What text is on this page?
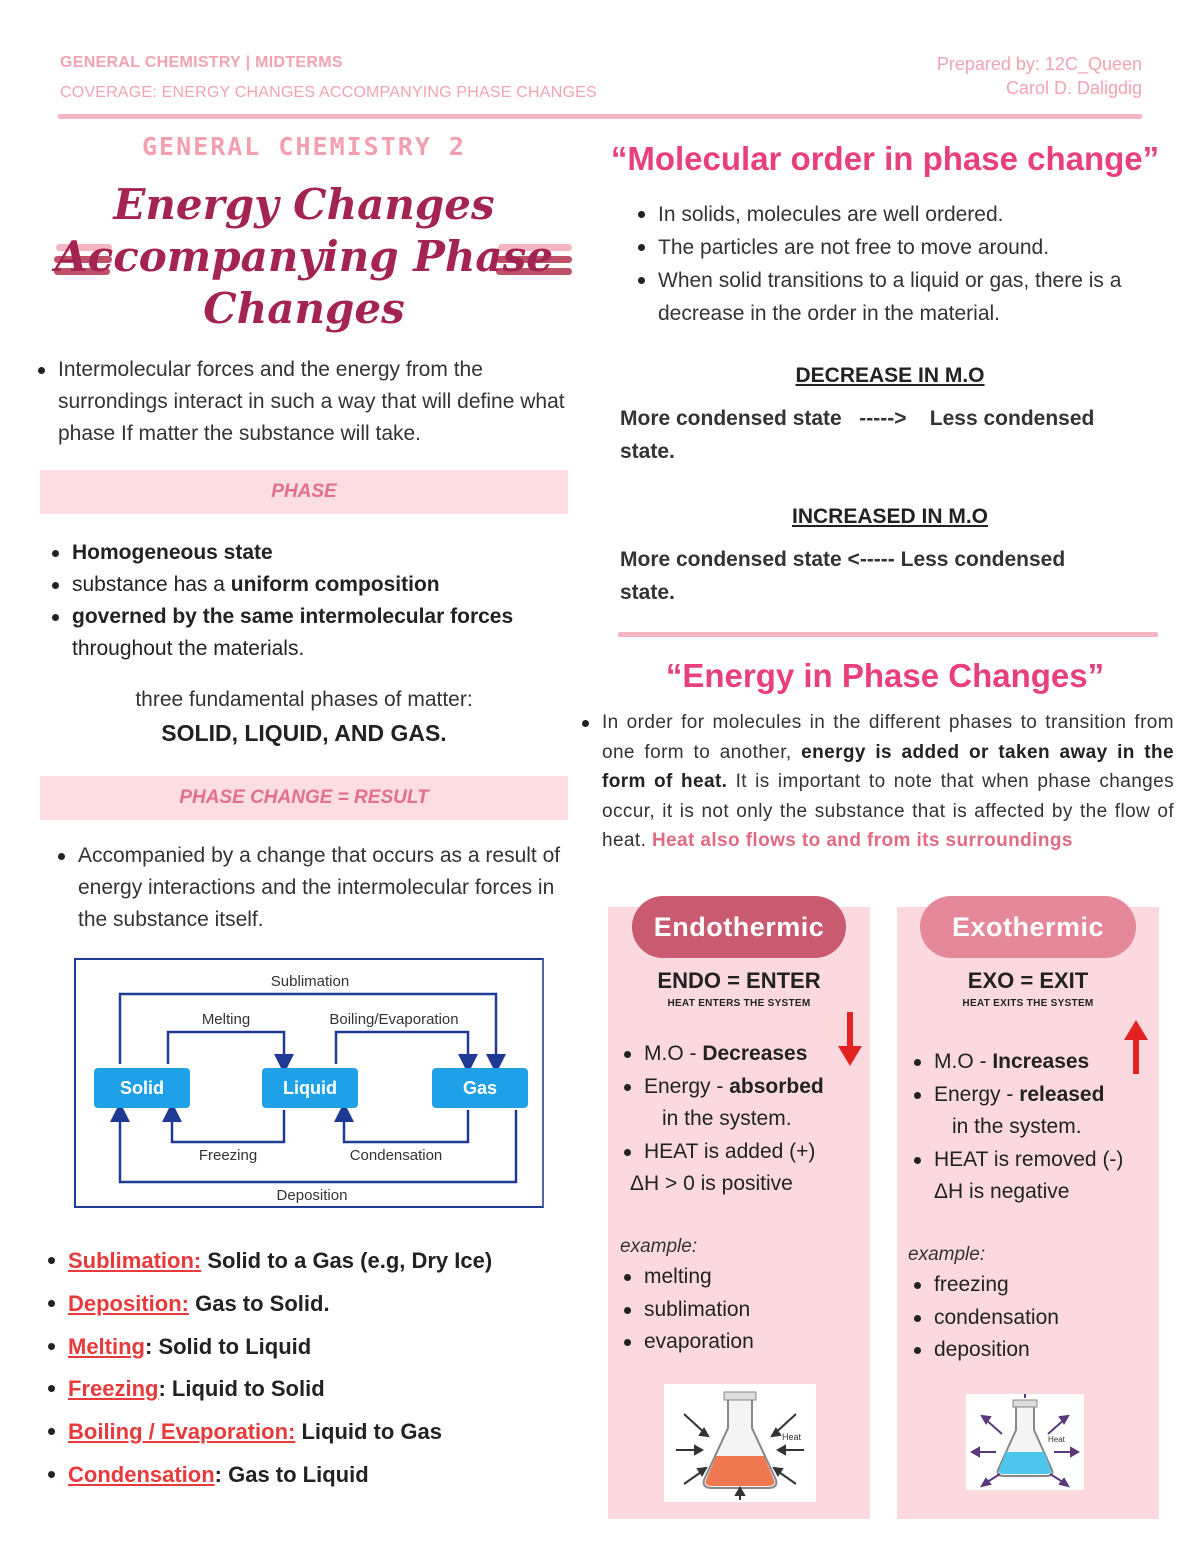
GENERAL CHEMISTRY | MIDTERMS
COVERAGE: ENERGY CHANGES ACCOMPANYING PHASE CHANGES
Prepared by: 12C_Queen
Carol D. Daligdig
GENERAL CHEMISTRY 2
Energy Changes
Accompanying Phase
Changes
Intermolecular forces and the energy from the surrondings interact in such a way that will define what phase If matter the substance will take.
PHASE
Homogeneous state
substance has a uniform composition
governed by the same intermolecular forces throughout the materials.
three fundamental phases of matter:
SOLID, LIQUID, AND GAS.
PHASE CHANGE = RESULT
Accompanied by a change that occurs as a result of energy interactions and the intermolecular forces in the substance itself.
Solid	Liquid	Gas
Sublimation
Melting	Boiling/Evaporation
Freezing	Condensation
Deposition
Sublimation: Solid to a Gas (e.g, Dry Ice)
Deposition: Gas to Solid.
Melting: Solid to Liquid
Freezing: Liquid to Solid
Boiling / Evaporation: Liquid to Gas
Condensation: Gas to Liquid
“Molecular order in phase change”
In solids, molecules are well ordered.
The particles are not free to move around.
When solid transitions to a liquid or gas, there is a decrease in the order in the material.
DECREASE IN M.O
More condensed state   ----->    Less condensed
state.
INCREASED IN M.O
More condensed state <----- Less condensed
state.
“Energy in Phase Changes”
In order for molecules in the different phases to transition from one form to another, energy is added or taken away in the form of heat. It is important to note that when phase changes occur, it is not only the substance that is affected by the flow of heat. Heat also flows to and from its surroundings
Endothermic
ENDO = ENTER
HEAT ENTERS THE SYSTEM
M.O - Decreases
Energy - absorbed
in the system.
HEAT is added (+)
ΔH > 0 is positive
example:
melting
sublimation
evaporation
Heat
Exothermic
EXO = EXIT
HEAT EXITS THE SYSTEM
M.O - Increases
Energy - released
in the system.
HEAT is removed (-)
ΔH is negative
example:
freezing
condensation
deposition
Heat
